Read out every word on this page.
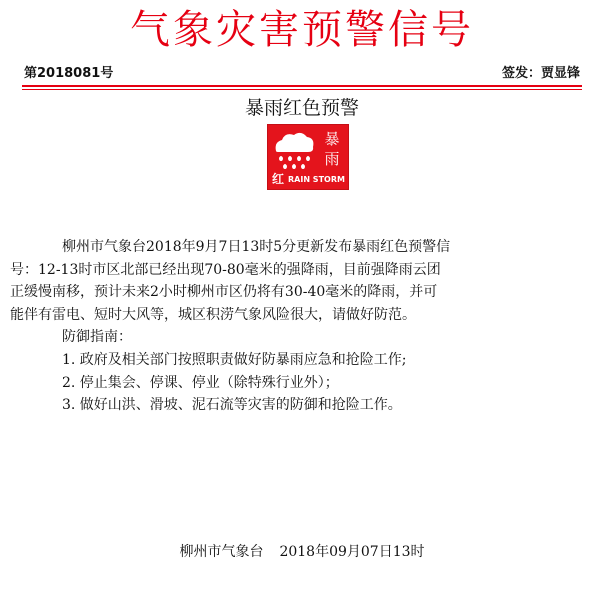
气象灾害预警信号
第2018081号	签发：贾显锋
暴雨红色预警
暴
雨
红 RAIN STORM

柳州市气象台2018年9月7日13时5分更新发布暴雨红色预警信

号：12-13时市区北部已经出现70-80毫米的强降雨，目前强降雨云团

正缓慢南移，预计未来2小时柳州市区仍将有30-40毫米的降雨，并可

能伴有雷电、短时大风等，城区积涝气象风险很大，请做好防范。

防御指南：

1. 政府及相关部门按照职责做好防暴雨应急和抢险工作;

2. 停止集会、停课、停业（除特殊行业外）；

3. 做好山洪、滑坡、泥石流等灾害的防御和抢险工作。

柳州市气象台 2018年09月07日13时
